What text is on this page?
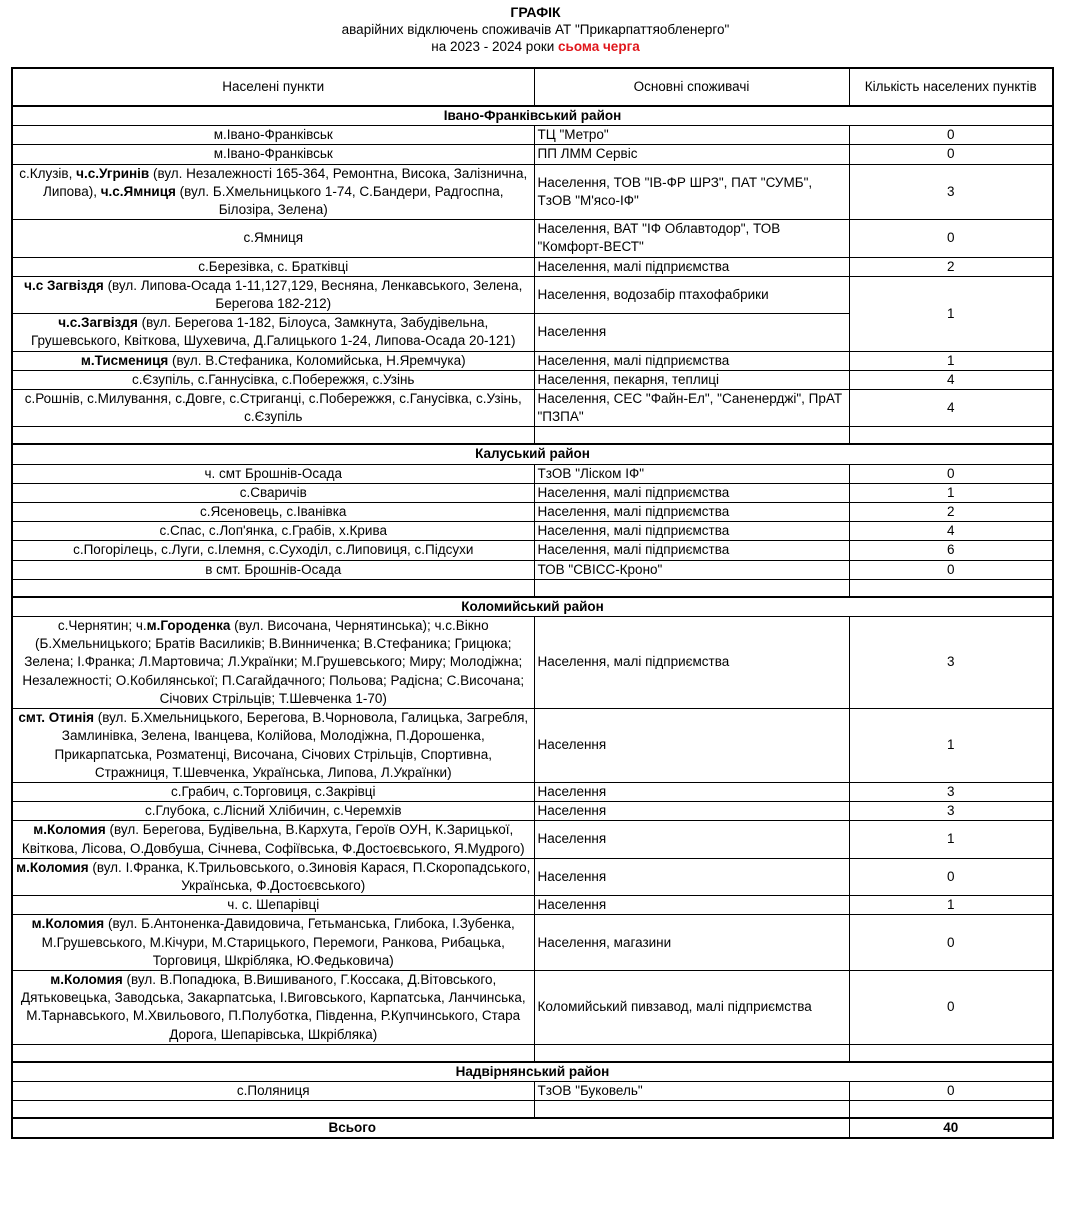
ГРАФІК
аварійних відключень споживачів АТ "Прикарпаттяобленерго"
на 2023 - 2024 роки сьома черга
Населені пункти	Основні споживачі	Кількість населених пунктів
Івано-Франківський район		
м.Івано-Франківськ	ТЦ "Метро"	0
м.Івано-Франківськ	ПП ЛММ Сервіс	0
с.Клузів, ч.с.Угринів (вул. Незалежності 165-364, Ремонтна, Висока, Залізнична, Липова), ч.с.Ямниця (вул. Б.Хмельницького 1-74, С.Бандери, Радгоспна, Білозіра, Зелена)	Населення, ТОВ "ІВ-ФР ШРЗ", ПАТ "СУМБ", ТзОВ "М'ясо-ІФ"	3
с.Ямниця	Населення, ВАТ "ІФ Облавтодор", ТОВ "Комфорт-ВЕСТ"	0
с.Березівка, с. Братківці	Населення, малі підприємства	2
ч.с Загвіздя (вул. Липова-Осада 1-11,127,129, Весняна, Ленкавського, Зелена, Берегова 182-212)	Населення, водозабір птахофабрики	1
ч.с.Загвіздя (вул. Берегова 1-182, Білоуса, Замкнута, Забудівельна, Грушевського, Квіткова, Шухевича, Д.Галицького 1-24, Липова-Осада 20-121)	Населення	
м.Тисмениця (вул. В.Стефаника, Коломийська, Н.Яремчука)	Населення, малі підприємства	1
с.Єзупіль, с.Ганнусівка, с.Побережжя, с.Узінь	Населення, пекарня, теплиці	4
с.Рошнів, с.Милування, с.Довге, с.Стриганці, с.Побережжя, с.Ганусівка, с.Узінь, с.Єзупіль	Населення, СЕС "Файн-Ел", "Саненерджі", ПрАТ "ПЗПА"	4

Калуський район		
ч. смт Брошнів-Осада	ТзОВ "Ліском ІФ"	0
с.Сваричів	Населення, малі підприємства	1
с.Ясеновець, с.Іванівка	Населення, малі підприємства	2
с.Спас, с.Лоп'янка, с.Грабів, х.Крива	Населення, малі підприємства	4
с.Погорілець, с.Луги, с.Ілемня, с.Суходіл, с.Липовиця, с.Підсухи	Населення, малі підприємства	6
в смт. Брошнів-Осада	ТОВ "СВІСС-Кроно"	0

Коломийський район		
с.Чернятин; ч.м.Городенка (вул. Височана, Чернятинська); ч.с.Вікно (Б.Хмельницького; Братів Василиків; В.Винниченка; В.Стефаника; Грицюка; Зелена; І.Франка; Л.Мартовича; Л.Українки; М.Грушевського; Миру; Молодіжна; Незалежності; О.Кобилянської; П.Сагайдачного; Польова; Радісна; С.Височана; Січових Стрільців; Т.Шевченка 1-70)	Населення, малі підприємства	3
смт. Отинія (вул. Б.Хмельницького, Берегова, В.Чорновола, Галицька, Загребля, Замлинівка, Зелена, Іванцева, Колійова, Молодіжна, П.Дорошенка, Прикарпатська, Розматенці, Височана, Січових Стрільців, Спортивна, Стражниця, Т.Шевченка, Українська, Липова, Л.Українки)	Населення	1
с.Грабич, с.Торговиця, с.Закрівці	Населення	3
с.Глубока, с.Лісний Хлібичин, с.Черемхів	Населення	3
м.Коломия (вул. Берегова, Будівельна, В.Кархута, Героїв ОУН, К.Зарицької, Квіткова, Лісова, О.Довбуша, Січнева, Софіївська, Ф.Достоєвського, Я.Мудрого)	Населення	1
м.Коломия (вул. І.Франка, К.Трильовського, о.Зиновія Карася, П.Скоропадського, Українська, Ф.Достоєвського)	Населення	0
ч. с. Шепарівці	Населення	1
м.Коломия (вул. Б.Антоненка-Давидовича, Гетьманська, Глибока, І.Зубенка, М.Грушевського, М.Кічури, М.Старицького, Перемоги, Ранкова, Рибацька, Торговиця, Шкрібляка, Ю.Федьковича)	Населення, магазини	0
м.Коломия (вул. В.Попадюка, В.Вишиваного, Г.Коссака, Д.Вітовського, Дятьковецька, Заводська, Закарпатська, І.Виговського, Карпатська, Ланчинська, М.Тарнавського, М.Хвильового, П.Полуботка, Південна, Р.Купчинського, Стара Дорога, Шепарівська, Шкрібляка)	Коломийський пивзавод, малі підприємства	0

Надвірнянський район		
с.Поляниця	ТзОВ "Буковель"	0

Всього		40
